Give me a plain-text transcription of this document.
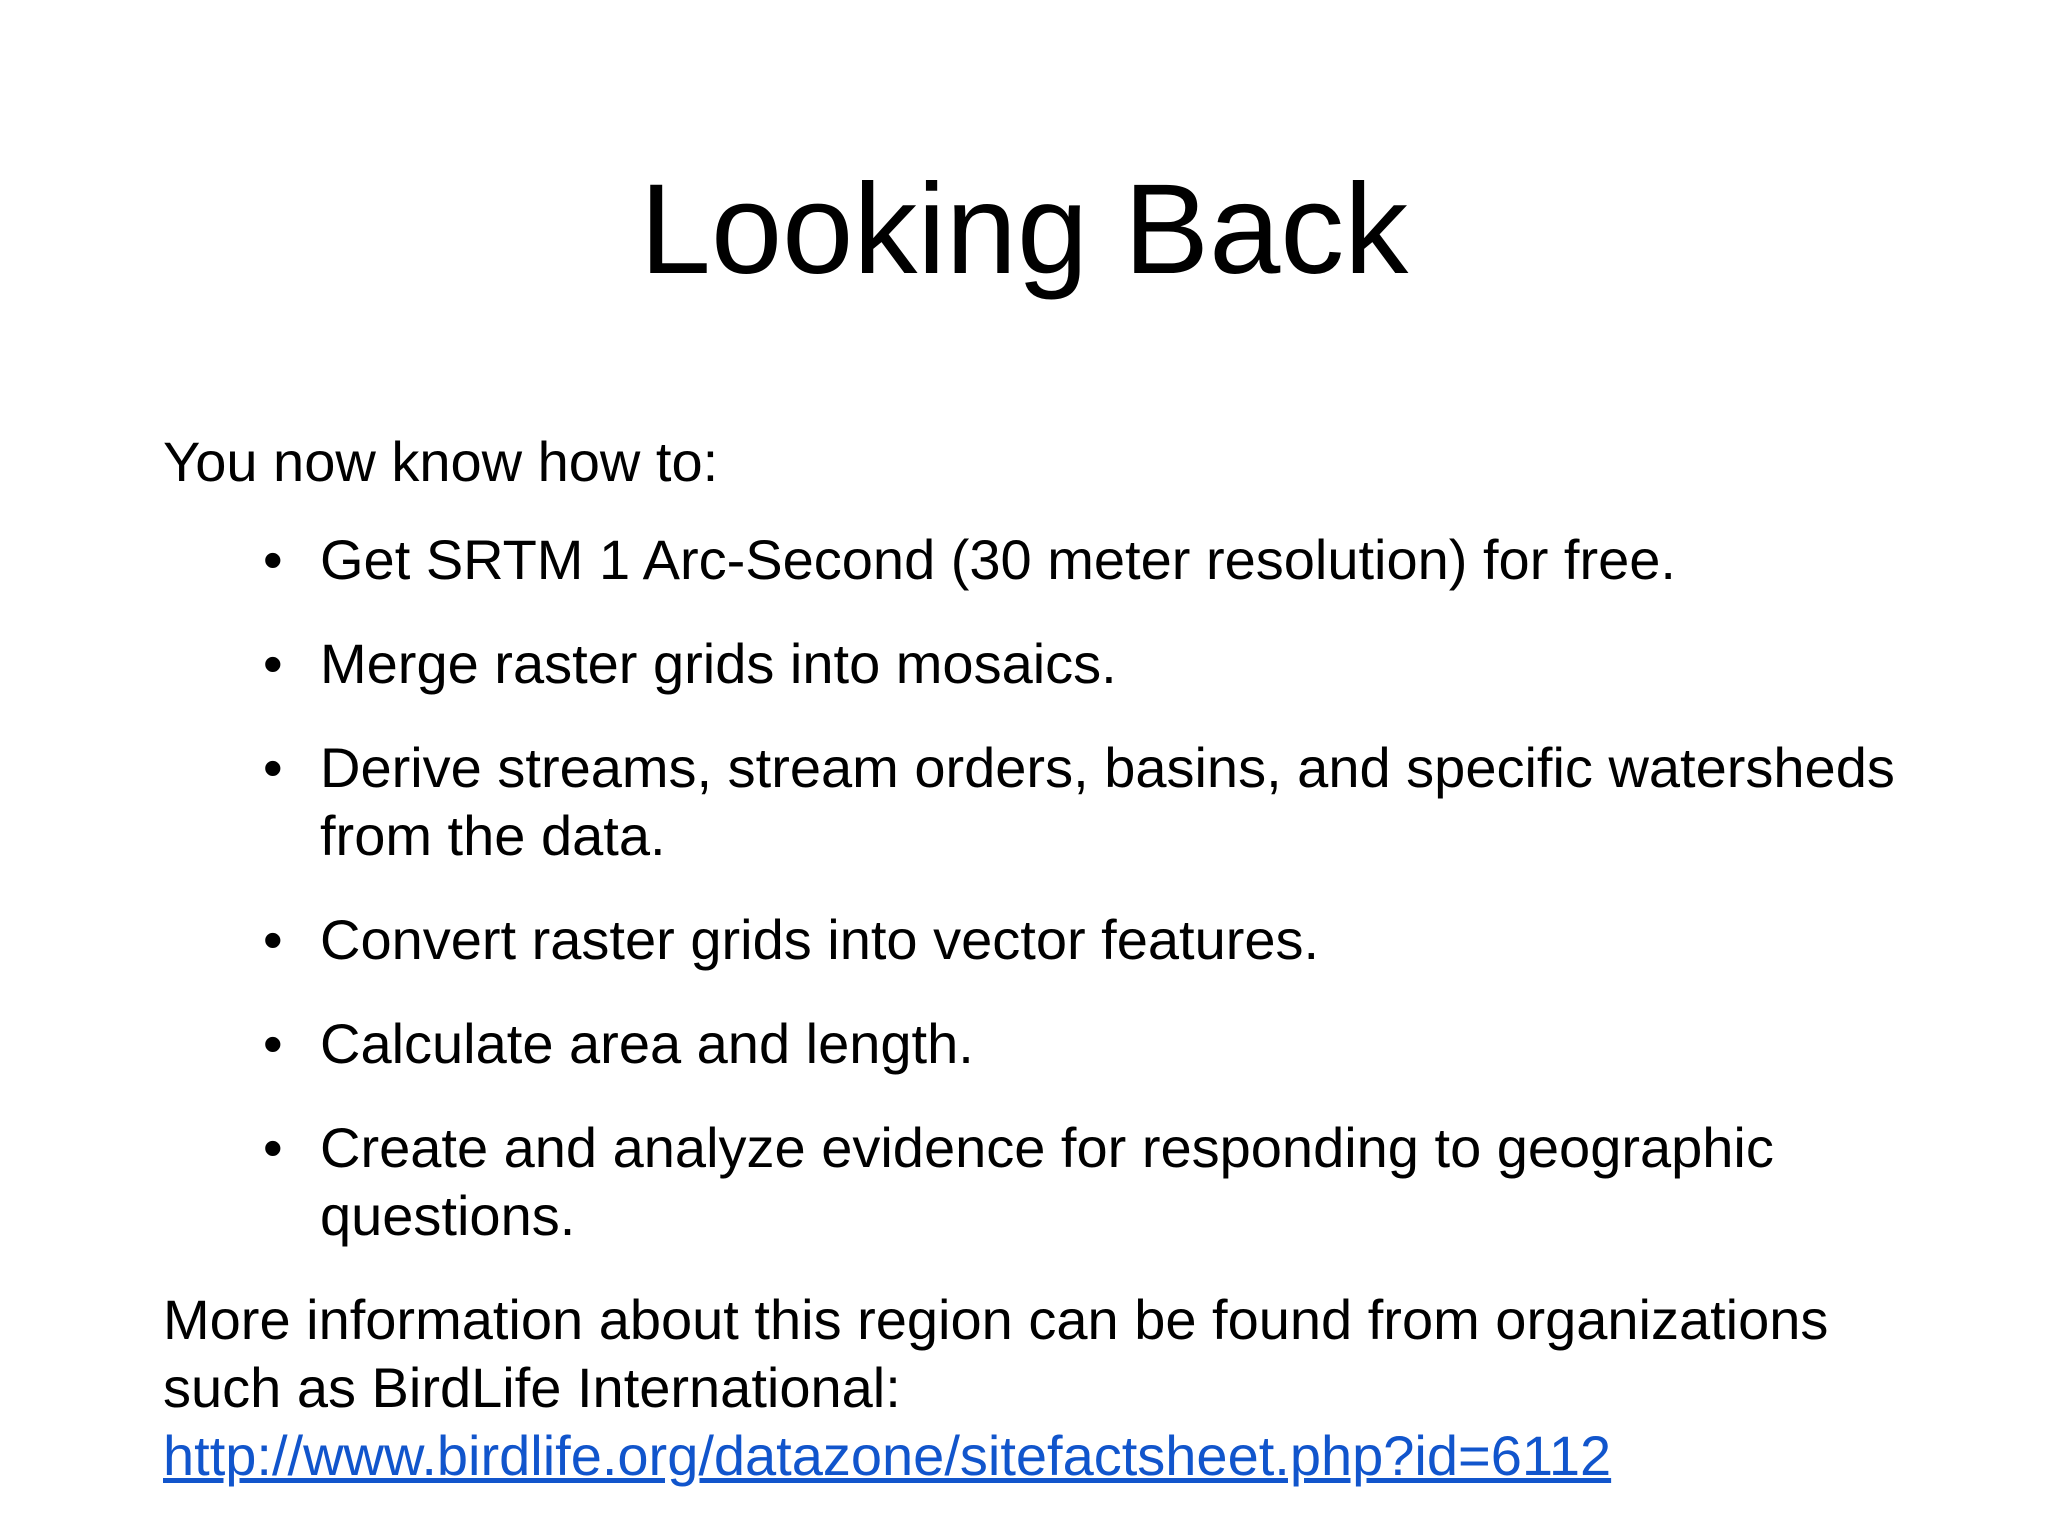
Looking Back

You now know how to:

• Get SRTM 1 Arc-Second (30 meter resolution) for free.
• Merge raster grids into mosaics.
• Derive streams, stream orders, basins, and specific watersheds from the data.
• Convert raster grids into vector features.
• Calculate area and length.
• Create and analyze evidence for responding to geographic questions.

More information about this region can be found from organizations such as BirdLife International:
http://www.birdlife.org/datazone/sitefactsheet.php?id=6112
